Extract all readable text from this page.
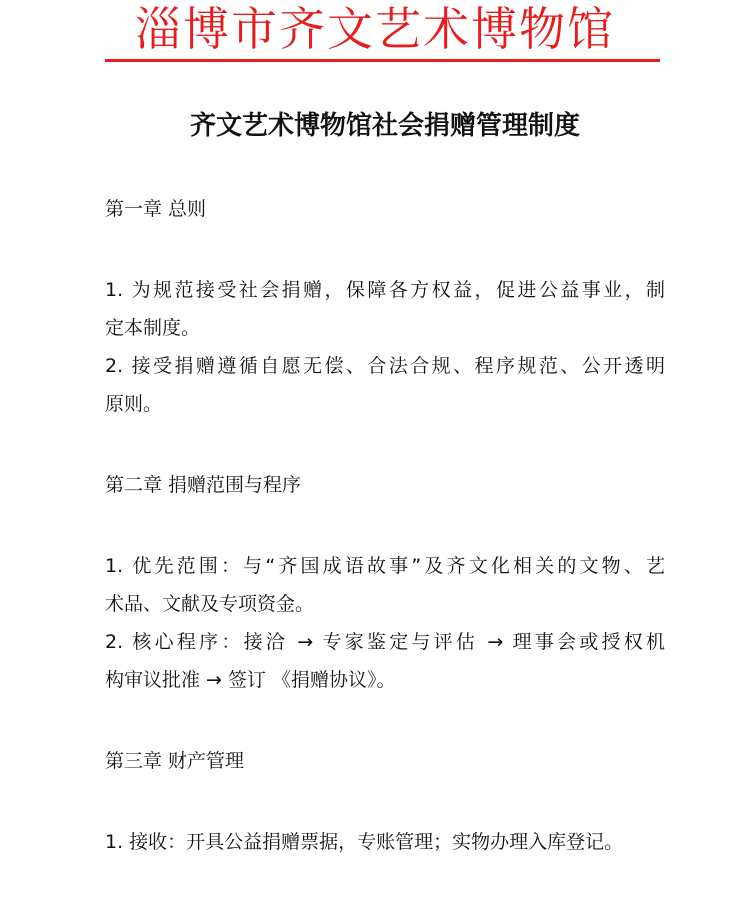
淄博市齐文艺术博物馆
齐文艺术博物馆社会捐赠管理制度
第一章 总则
1. 为规范接受社会捐赠，保障各方权益，促进公益事业，制
定本制度。
2. 接受捐赠遵循自愿无偿、合法合规、程序规范、公开透明
原则。
第二章 捐赠范围与程序
1. 优先范围：与“齐国成语故事”及齐文化相关的文物、艺
术品、文献及专项资金。
2. 核心程序：接洽 → 专家鉴定与评估 → 理事会或授权机
构审议批准 → 签订 《捐赠协议》。
第三章 财产管理
1. 接收：开具公益捐赠票据，专账管理；实物办理入库登记。
